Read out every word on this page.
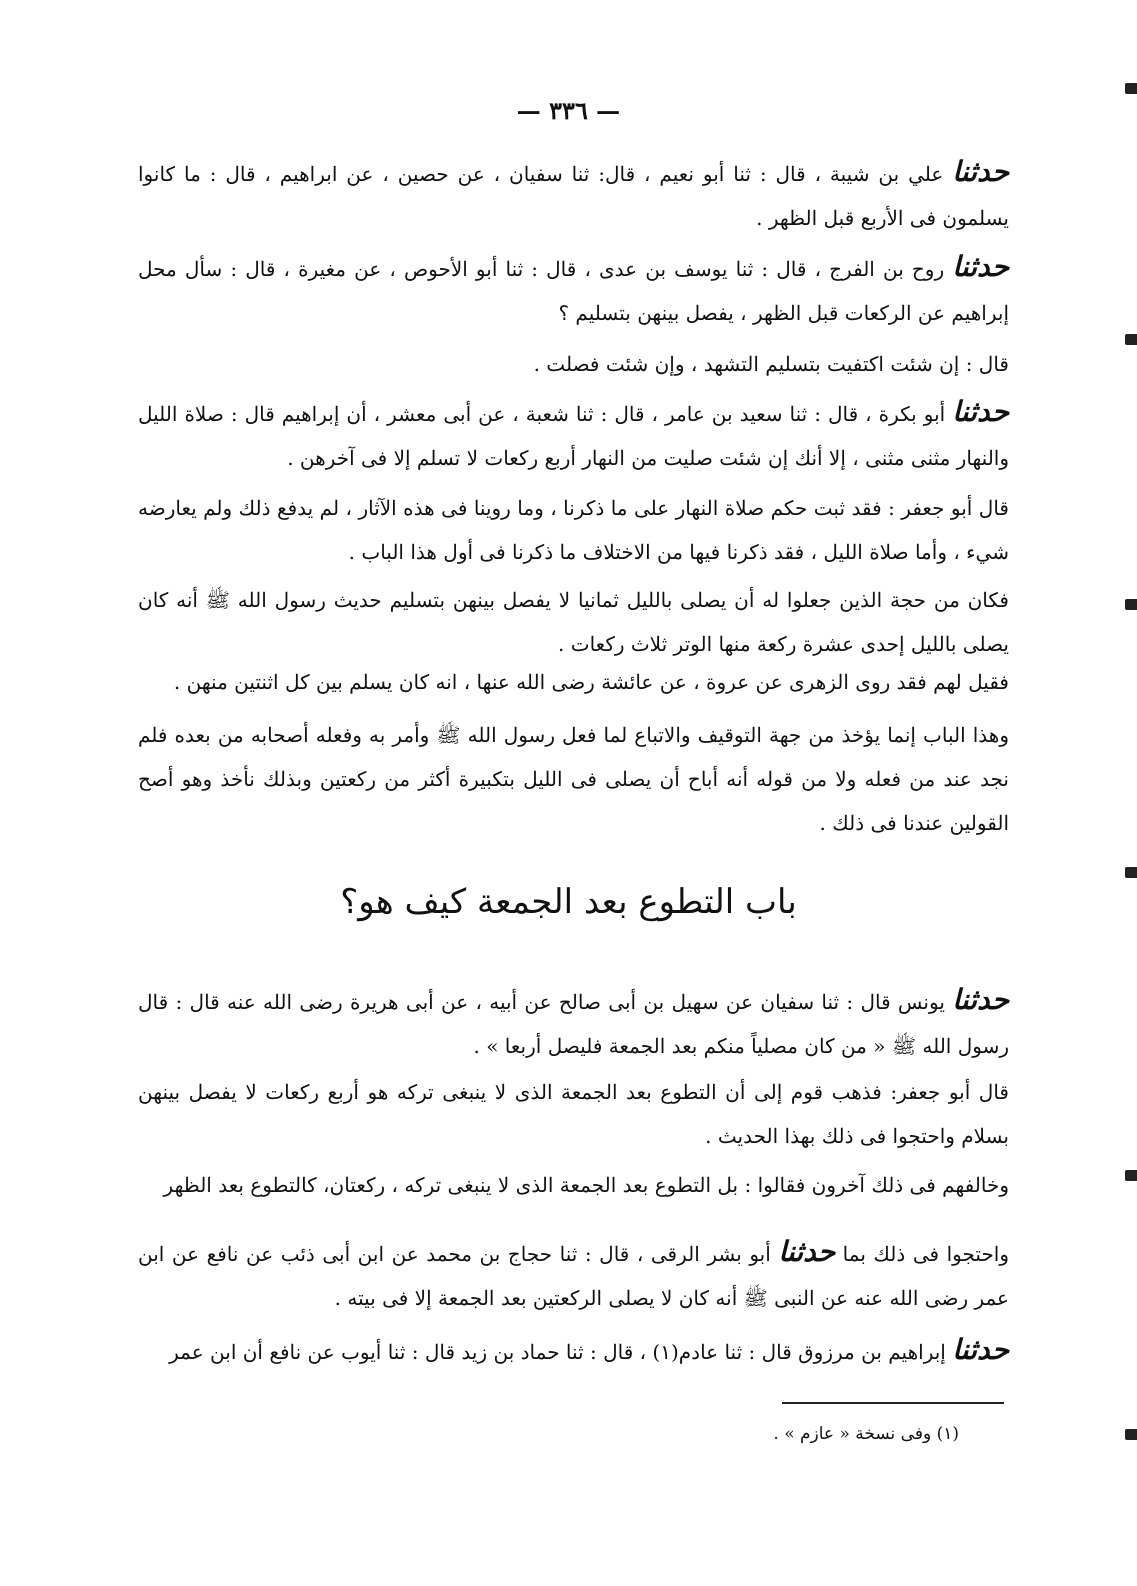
— ٣٣٦ —
حدثنا علي بن شيبة ، قال : ثنا أبو نعيم ، قال: ثنا سفيان ، عن حصين ، عن ابراهيم ، قال : ما كانوا يسلمون فى الأربع قبل الظهر .
حدثنا روح بن الفرج ، قال : ثنا يوسف بن عدى ، قال : ثنا أبو الأحوص ، عن مغيرة ، قال : سأل محل إبراهيم عن الركعات قبل الظهر ، يفصل بينهن بتسليم ؟
قال : إن شئت اكتفيت بتسليم التشهد ، وإن شئت فصلت .
حدثنا أبو بكرة ، قال : ثنا سعيد بن عامر ، قال : ثنا شعبة ، عن أبى معشر ، أن إبراهيم قال : صلاة الليل والنهار مثنى مثنى ، إلا أنك إن شئت صليت من النهار أربع ركعات لا تسلم إلا فى آخرهن .
قال أبو جعفر : فقد ثبت حكم صلاة النهار على ما ذكرنا ، وما روينا فى هذه الآثار ، لم يدفع ذلك ولم يعارضه شيء ، وأما صلاة الليل ، فقد ذكرنا فيها من الاختلاف ما ذكرنا فى أول هذا الباب .
فكان من حجة الذين جعلوا له أن يصلى بالليل ثمانيا لا يفصل بينهن بتسليم حديث رسول الله ﷺ أنه كان يصلى بالليل إحدى عشرة ركعة منها الوتر ثلاث ركعات .
فقيل لهم فقد روى الزهرى عن عروة ، عن عائشة رضى الله عنها ، انه كان يسلم بين كل اثنتين منهن .
وهذا الباب إنما يؤخذ من جهة التوقيف والاتباع لما فعل رسول الله ﷺ وأمر به وفعله أصحابه من بعده فلم نجد عند من فعله ولا من قوله أنه أباح أن يصلى فى الليل بتكبيرة أكثر من ركعتين وبذلك نأخذ وهو أصح القولين عندنا فى ذلك .
باب التطوع بعد الجمعة كيف هو؟
حدثنا يونس قال : ثنا سفيان عن سهيل بن أبى صالح عن أبيه ، عن أبى هريرة رضى الله عنه قال : قال رسول الله ﷺ « من كان مصلياً منكم بعد الجمعة فليصل أربعا » .
قال أبو جعفر: فذهب قوم إلى أن التطوع بعد الجمعة الذى لا ينبغى تركه هو أربع ركعات لا يفصل بينهن بسلام واحتجوا فى ذلك بهذا الحديث .
وخالفهم فى ذلك آخرون فقالوا : بل التطوع بعد الجمعة الذى لا ينبغى تركه ، ركعتان، كالتطوع بعد الظهر
واحتجوا فى ذلك بما حدثنا أبو بشر الرقى ، قال : ثنا حجاج بن محمد عن ابن أبى ذئب عن نافع عن ابن عمر رضى الله عنه عن النبى ﷺ أنه كان لا يصلى الركعتين بعد الجمعة إلا فى بيته .
حدثنا إبراهيم بن مرزوق قال : ثنا عادم(١) ، قال : ثنا حماد بن زيد قال : ثنا أيوب عن نافع أن ابن عمر
(١) وفى نسخة « عازم » .
